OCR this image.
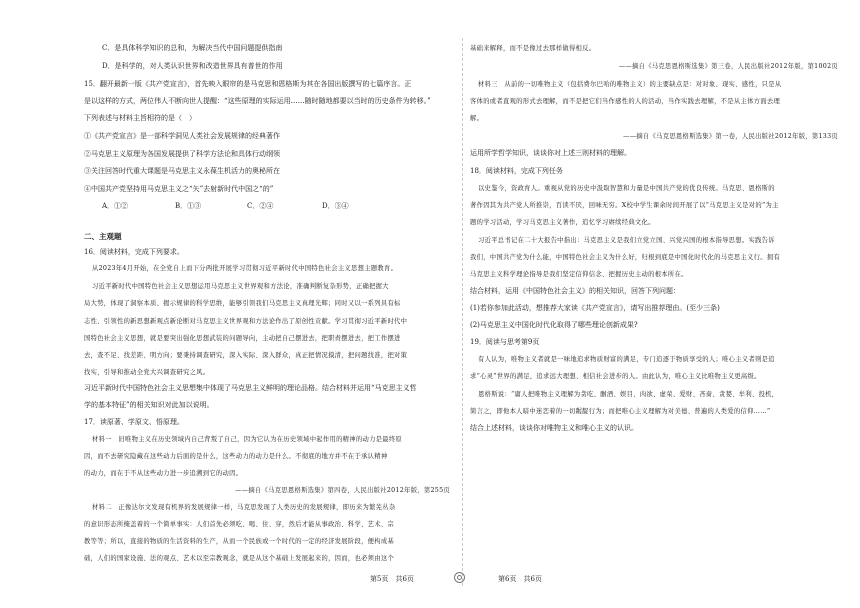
C．是具体科学知识的总和，为解决当代中国问题提供指南
D．是科学的，对人类认识世界和改造世界具有普世的作用
15．翻开最新一版《共产党宣言》，首先映入眼帘的是马克思和恩格斯为其在各国出版撰写的七篇序言。正
是以这样的方式，两位伟人不断向世人提醒：“这些原理的实际运用……随时随地都要以当时的历史条件为转移。”
下列表述与材料主旨相符的是（　）
①《共产党宣言》是一部科学洞见人类社会发展规律的经典著作
②马克思主义原理为各国发展提供了科学方法论和具体行动纲领
③关注回答时代重大课题是马克思主义永葆生机活力的奥秘所在
④中国共产党坚持用马克思主义之“矢”去射新时代中国之“的”
A．①②	B．①③	C．②④	D．③④
二、主观题
16．阅读材料，完成下列要求。
从2023年4月开始，在全党自上而下分两批开展学习贯彻习近平新时代中国特色社会主义思想主题教育。
习近平新时代中国特色社会主义思想运用马克思主义世界观和方法论，准确判断复杂形势，正确把握大
局大势，体现了洞察本质、揭示规律的科学思维，能够引领我们马克思主义真理光辉；同时又以一系列具有标
志性、引领性的新思想新观点新论断对马克思主义世界观和方法论作出了原创性贡献。学习贯彻习近平新时代中
国特色社会主义思想，就是要突出强化思想武装的问题导向，主动把自己摆进去，把职责摆进去，把工作摆进
去，查不足、找差距、明方向；要秉持调查研究，深入实际、深入群众，真正把情况摸清，把问题找准，把对策
找实，引导和推动全党大兴调查研究之风。
习近平新时代中国特色社会主义思想集中体现了马克思主义鲜明的理论品格。结合材料并运用“马克思主义哲
学的基本特征”的相关知识对此加以说明。
17．读原著、学原文、悟原理。
材料一　旧唯物主义在历史领域内自己背叛了自己，因为它认为在历史领域中起作用的精神的动力是最终原
因，而不去研究隐藏在这些动力后面的是什么，这些动力的动力是什么。不彻底的地方并不在于承认精神
的动力，而在于不从这些动力进一步追溯到它的动因。
——摘自《马克思恩格斯选集》第四卷，人民出版社2012年版，第255页
材料二　正像达尔文发现有机界的发展规律一样，马克思发现了人类历史的发展规律，即历来为繁芜丛杂
的意识形态所掩盖着的一个简单事实：人们首先必须吃、喝、住、穿，然后才能从事政治、科学、艺术、宗
教等等；所以，直接的物质的生活资料的生产，从而一个民族或一个时代的一定的经济发展阶段，便构成基
础，人们的国家设施、法的观点、艺术以至宗教观念，就是从这个基础上发展起来的，因而，也必须由这个
基础来解释，而不是像过去那样做得相反。
——摘自《马克思恩格斯选集》第三卷，人民出版社2012年版，第1002页
材料三　从前的一切唯物主义（包括费尔巴哈的唯物主义）的主要缺点是：对对象、现实、感性，只是从
客体的或者直观的形式去理解，而不是把它们当作感性的人的活动，当作实践去理解，不是从主体方面去理
解。
——摘自《马克思恩格斯选集》第一卷，人民出版社2012年版，第133页
运用所学哲学知识，谈谈你对上述三则材料的理解。
18．阅读材料，完成下列任务
以史鉴今，资政育人。重视从党的历史中汲取智慧和力量是中国共产党的优良传统。马克思、恩格斯的
著作因其为共产党人所推崇，百读不厌，回味无穷。X校中学生课余时间开展了以“马克思主义是对的”为主
题的学习活动，学习马克思主义著作，追忆学习赓续经典文化。
习近平总书记在二十大报告中指出：马克思主义是我们立党立国、兴党兴国的根本指导思想。实践告诉
我们，中国共产党为什么能，中国特色社会主义为什么好，归根到底是中国化时代化的马克思主义行。拥有
马克思主义科学理论指导是我们坚定信仰信念、把握历史主动的根本所在。
结合材料，运用《中国特色社会主义》的相关知识，回答下列问题：
(1)若你参加此活动，想推荐大家读《共产党宣言》，请写出推荐理由。(至少三条)
(2)马克思主义中国化时代化取得了哪些理论创新成果?
19．阅读与思考第9页
有人认为，唯物主义者就是一味地追求物质财富的满足，专门追逐于物质享受的人；唯心主义者则是追
求“心灵”世界的满足，追求远大理想、相信社会进步的人。由此认为，唯心主义比唯物主义更高级。
恩格斯说：“庸人把唯物主义理解为贪吃、酗酒、娱目、肉欲、虚荣、爱财、吝啬、贪婪、牟利、投机，
简言之，即他本人暗中迷恋着的一切龌龊行为；而把唯心主义理解为对美德、普遍的人类爱的信仰……”
结合上述材料，谈谈你对唯物主义和唯心主义的认识。
第5页　共6页	第6页　共6页
